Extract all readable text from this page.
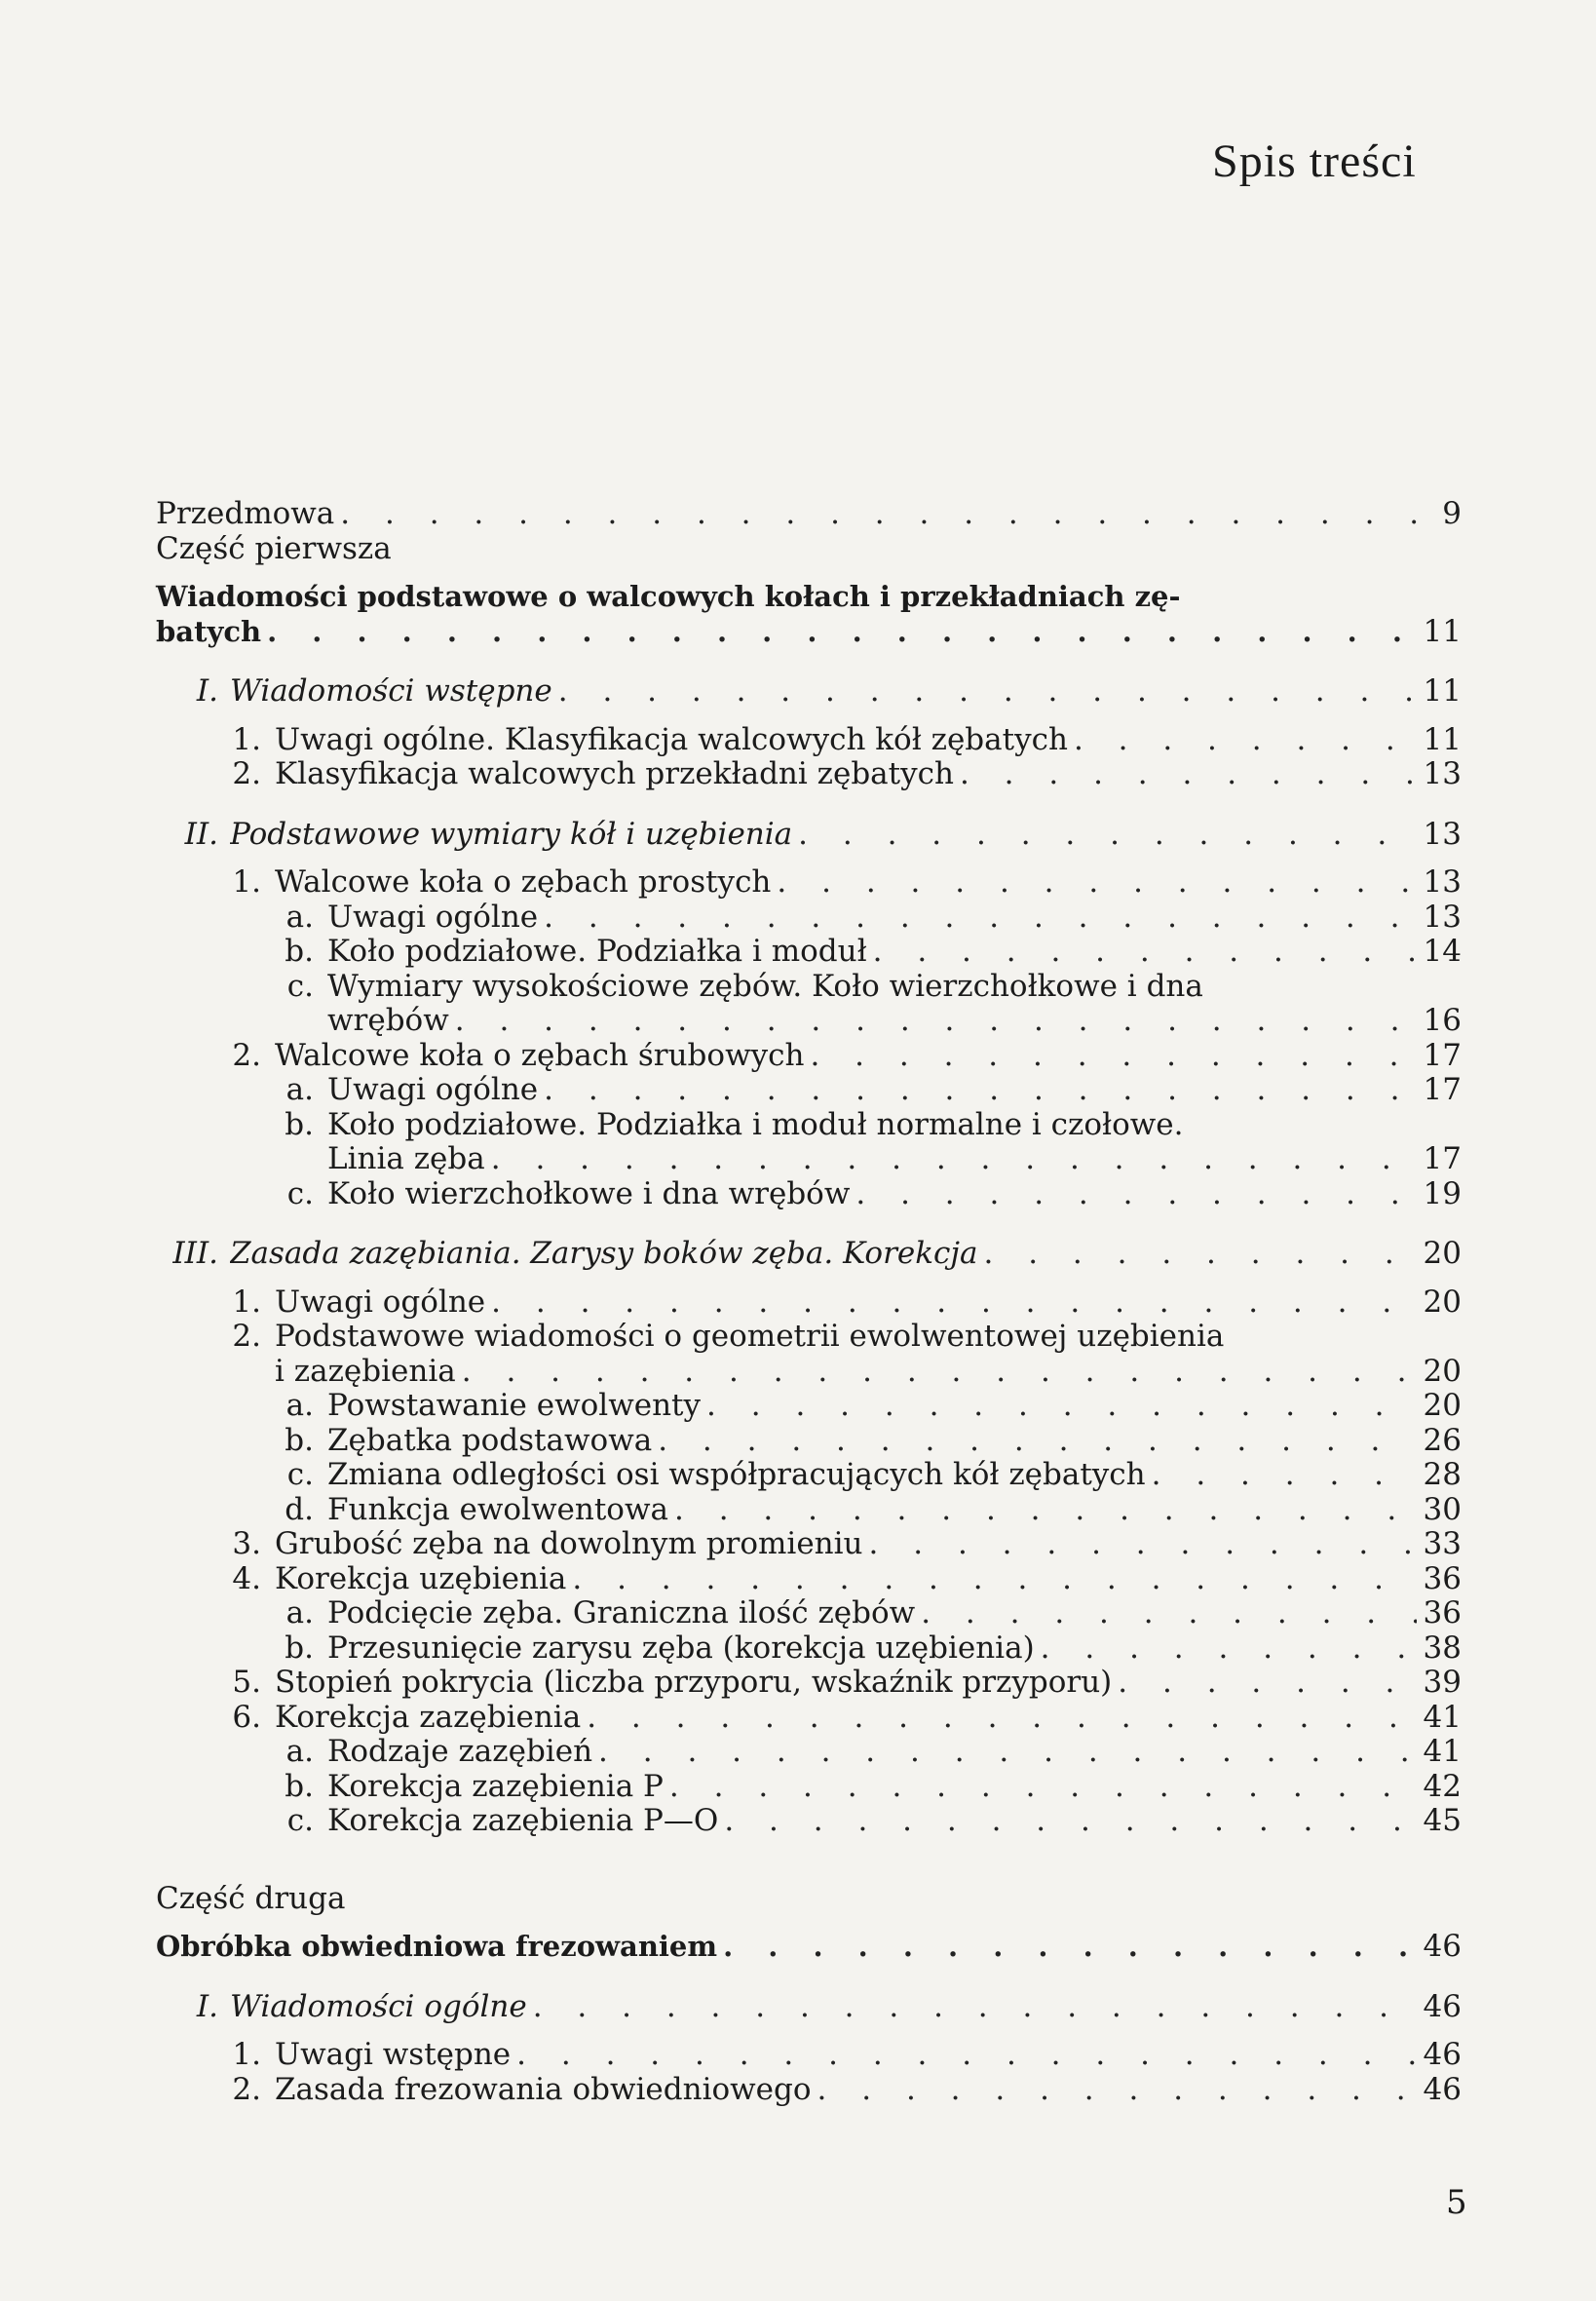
Spis treści
Przedmowa . . .	9
Część pierwsza
Wiadomości podstawowe o walcowych kołach i przekładniach zę-
batych . . .	11
I. Wiadomości wstępne . . .	11
1. Uwagi ogólne. Klasyfikacja walcowych kół zębatych . . .	11
2. Klasyfikacja walcowych przekładni zębatych . . .	13
II. Podstawowe wymiary kół i uzębienia . . .	13
1. Walcowe koła o zębach prostych . . .	13
a. Uwagi ogólne . . .	13
b. Koło podziałowe. Podziałka i moduł . . .	14
c. Wymiary wysokościowe zębów. Koło wierzchołkowe i dna
wrębów . . .	16
2. Walcowe koła o zębach śrubowych . . .	17
a. Uwagi ogólne . . .	17
b. Koło podziałowe. Podziałka i moduł normalne i czołowe.
Linia zęba . . .	17
c. Koło wierzchołkowe i dna wrębów . . .	19
III. Zasada zazębiania. Zarysy boków zęba. Korekcja . . .	20
1. Uwagi ogólne . . .	20
2. Podstawowe wiadomości o geometrii ewolwentowej uzębienia
i zazębienia . . .	20
a. Powstawanie ewolwenty . . .	20
b. Zębatka podstawowa . . .	26
c. Zmiana odległości osi współpracujących kół zębatych . . .	28
d. Funkcja ewolwentowa . . .	30
3. Grubość zęba na dowolnym promieniu . . .	33
4. Korekcja uzębienia . . .	36
a. Podcięcie zęba. Graniczna ilość zębów . . .	36
b. Przesunięcie zarysu zęba (korekcja uzębienia) . . .	38
5. Stopień pokrycia (liczba przyporu, wskaźnik przyporu) . . .	39
6. Korekcja zazębienia . . .	41
a. Rodzaje zazębień . . .	41
b. Korekcja zazębienia P . . .	42
c. Korekcja zazębienia P—O . . .	45
Część druga
Obróbka obwiedniowa frezowaniem . . .	46
I. Wiadomości ogólne . . .	46
1. Uwagi wstępne . . .	46
2. Zasada frezowania obwiedniowego . . .	46
5
